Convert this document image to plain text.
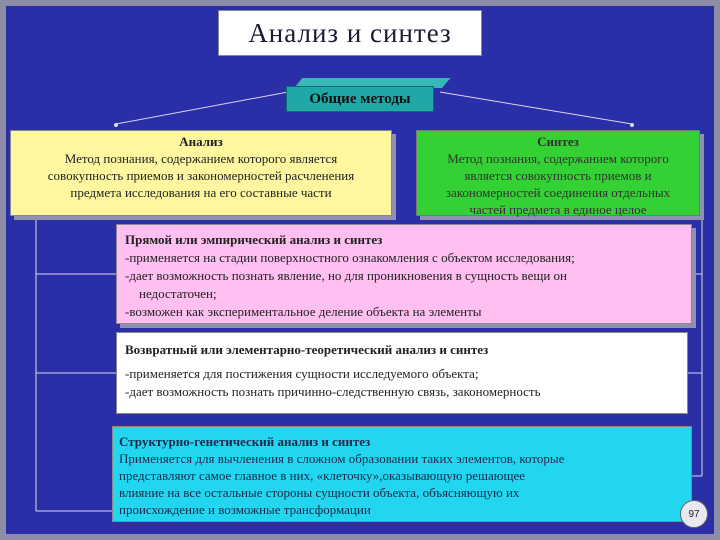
Анализ и синтез
Общие методы
Анализ
Метод познания, содержанием которого является
совокупность приемов и закономерностей расчленения
предмета исследования на его составные части
Синтез
Метод познания, содержанием которого
является совокупность приемов и
закономерностей соединения отдельных
частей предмета в единое целое
Прямой или эмпирический анализ и синтез
-применяется на стадии поверхностного ознакомления с объектом исследования;
-дает возможность познать явление, но для проникновения в сущность вещи он
недостаточен;
-возможен как экспериментальное деление объекта на элементы
Возвратный или элементарно-теоретический анализ и синтез
-применяется для постижения сущности исследуемого объекта;
-дает возможность познать причинно-следственную связь, закономерность
Структурно-генетический анализ и синтез
Применяется для вычленения в сложном образовании таких элементов, которые
представляют самое главное в них, «клеточку»,оказывающую решающее
влияние на все остальные стороны сущности объекта, объясняющую их
происхождение и возможные трансформации	97
